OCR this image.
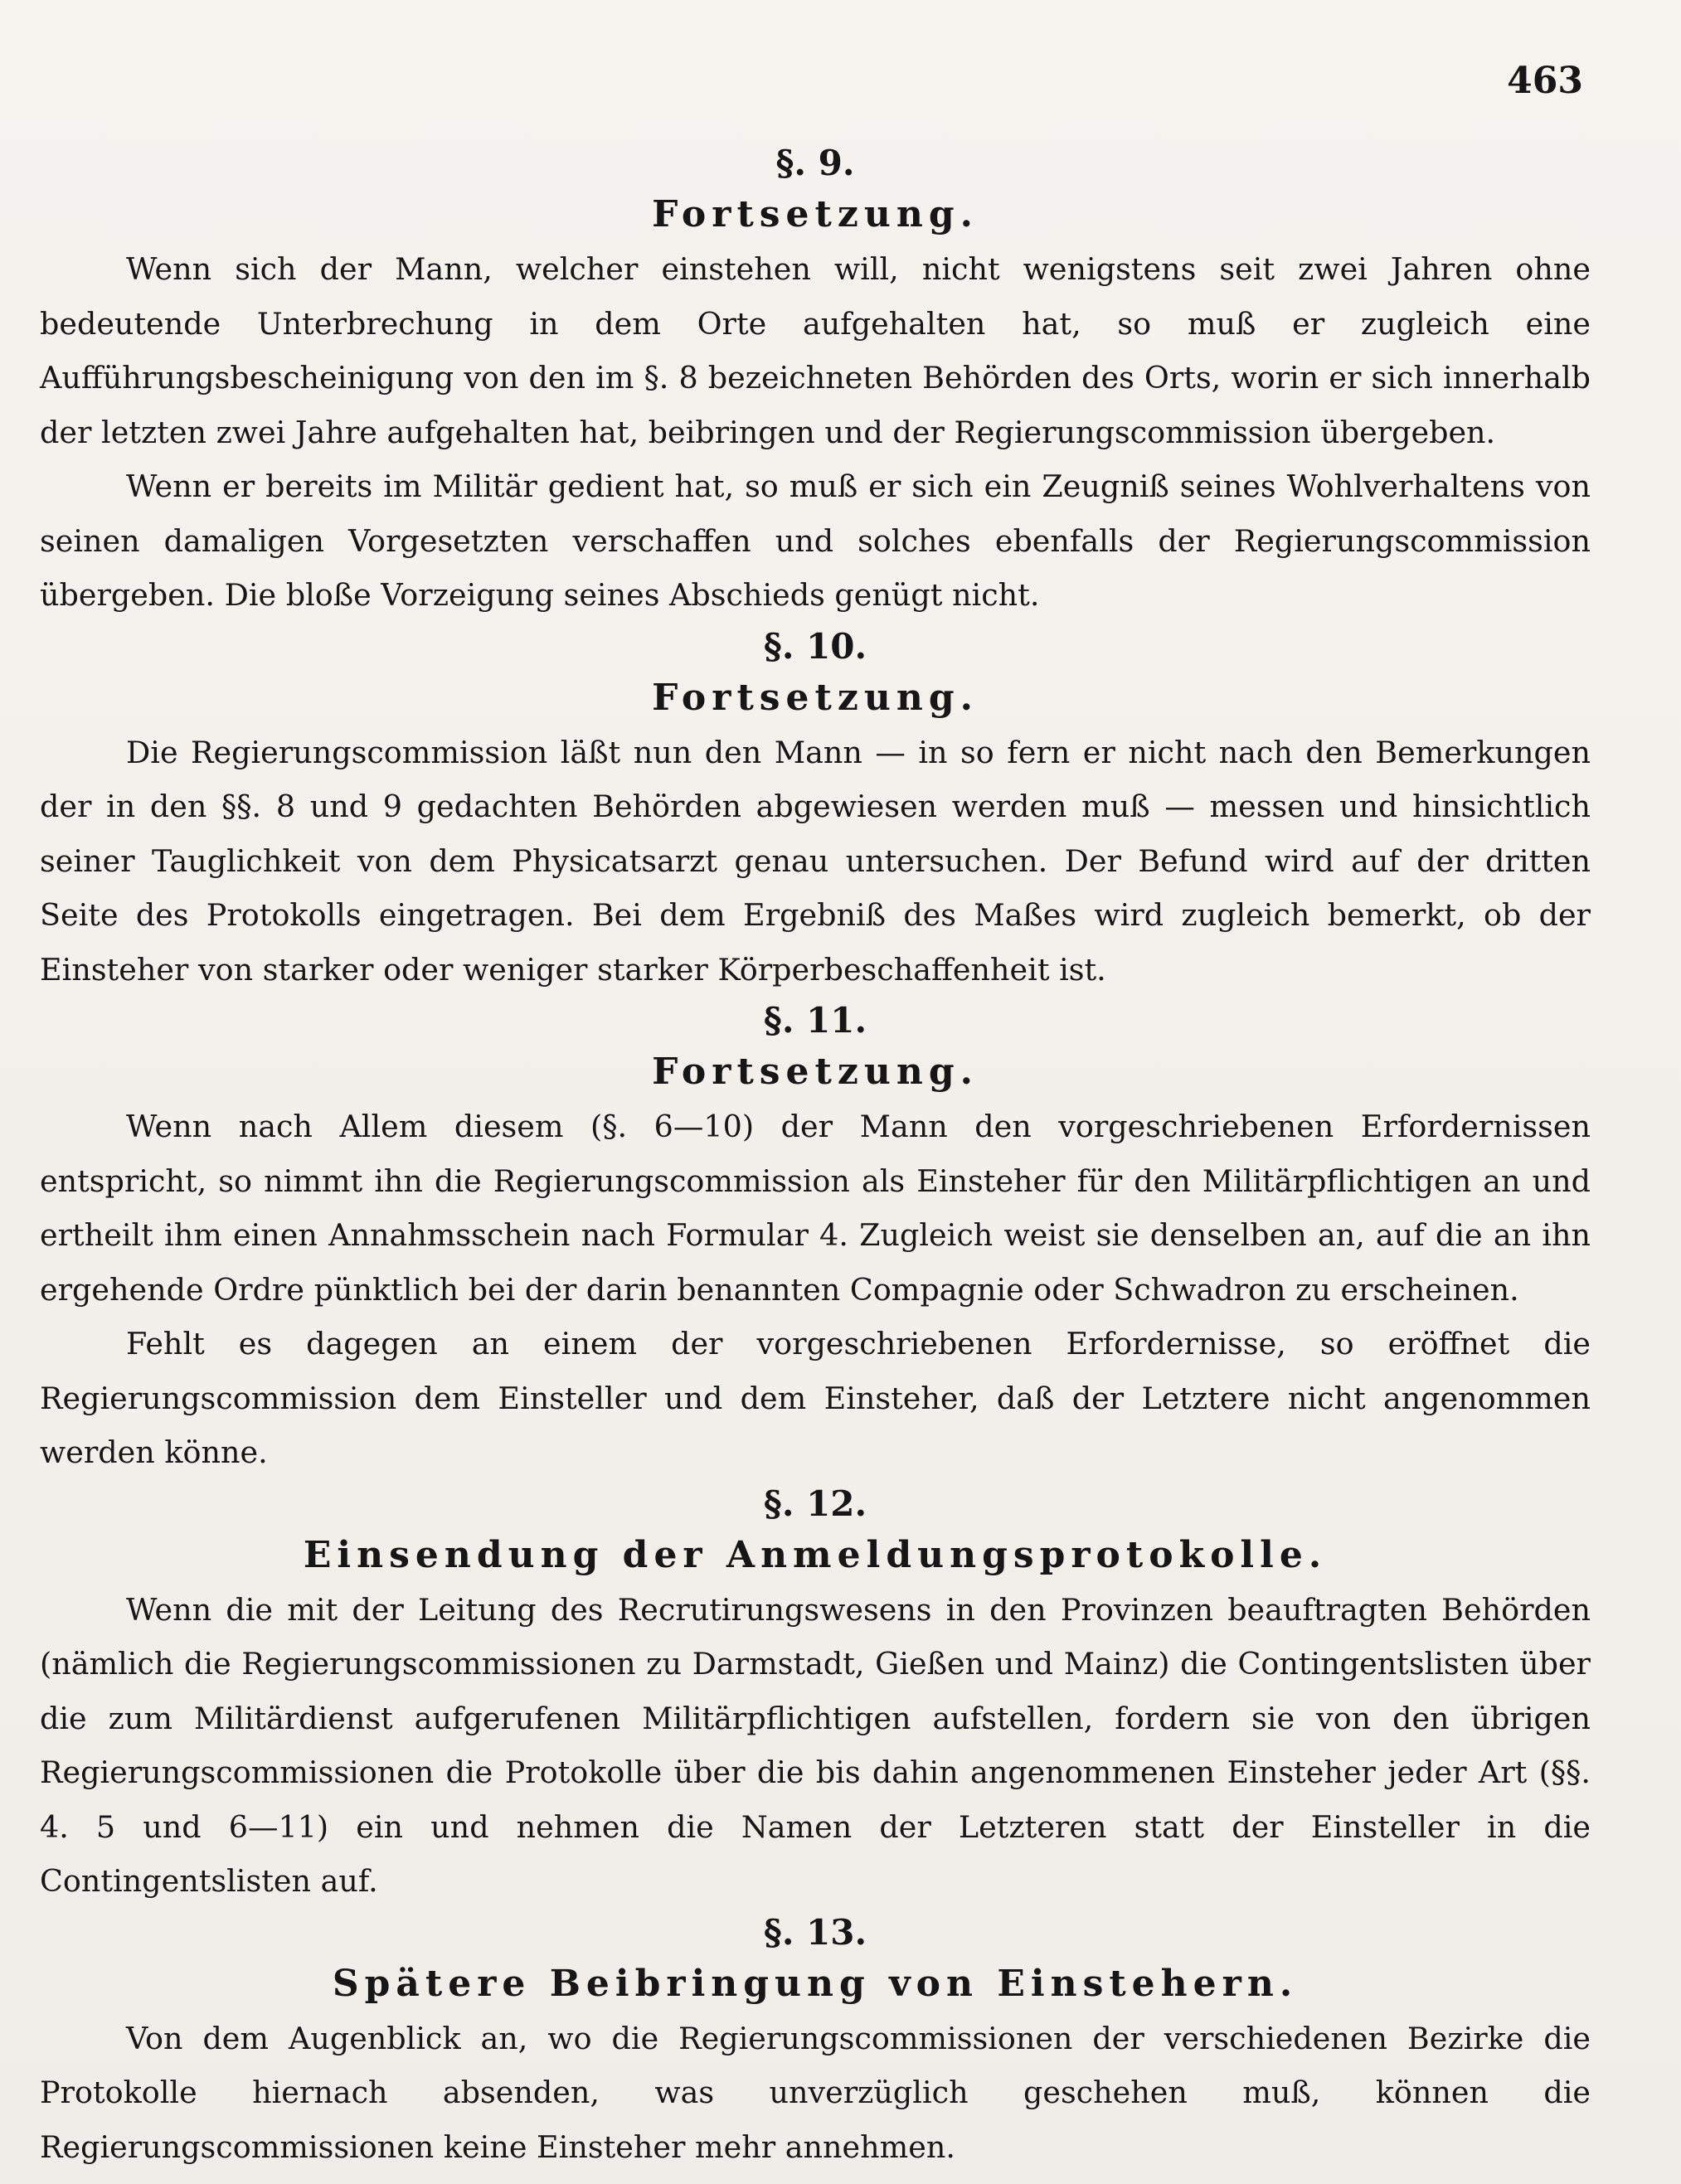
463
§. 9.
Fortsetzung.

Wenn sich der Mann, welcher einstehen will, nicht wenigstens seit zwei Jahren ohne bedeutende Unterbrechung in dem Orte aufgehalten hat, so muß er zugleich eine Aufführungsbescheinigung von den im §. 8 bezeichneten Behörden des Orts, worin er sich innerhalb der letzten zwei Jahre aufgehalten hat, beibringen und der Regierungscommission übergeben.

Wenn er bereits im Militär gedient hat, so muß er sich ein Zeugniß seines Wohlverhaltens von seinen damaligen Vorgesetzten verschaffen und solches ebenfalls der Regierungscommission übergeben. Die bloße Vorzeigung seines Abschieds genügt nicht.

§. 10.
Fortsetzung.

Die Regierungscommission läßt nun den Mann — in so fern er nicht nach den Bemerkungen der in den §§. 8 und 9 gedachten Behörden abgewiesen werden muß — messen und hinsichtlich seiner Tauglichkeit von dem Physicatsarzt genau untersuchen. Der Befund wird auf der dritten Seite des Protokolls eingetragen. Bei dem Ergebniß des Maßes wird zugleich bemerkt, ob der Einsteher von starker oder weniger starker Körperbeschaffenheit ist.

§. 11.
Fortsetzung.

Wenn nach Allem diesem (§. 6—10) der Mann den vorgeschriebenen Erfordernissen entspricht, so nimmt ihn die Regierungscommission als Einsteher für den Militärpflichtigen an und ertheilt ihm einen Annahmsschein nach Formular 4. Zugleich weist sie denselben an, auf die an ihn ergehende Ordre pünktlich bei der darin benannten Compagnie oder Schwadron zu erscheinen.

Fehlt es dagegen an einem der vorgeschriebenen Erfordernisse, so eröffnet die Regierungscommission dem Einsteller und dem Einsteher, daß der Letztere nicht angenommen werden könne.

§. 12.
Einsendung der Anmeldungsprotokolle.

Wenn die mit der Leitung des Recrutirungswesens in den Provinzen beauftragten Behörden (nämlich die Regierungscommissionen zu Darmstadt, Gießen und Mainz) die Contingentslisten über die zum Militärdienst aufgerufenen Militärpflichtigen aufstellen, fordern sie von den übrigen Regierungscommissionen die Protokolle über die bis dahin angenommenen Einsteher jeder Art (§§. 4. 5 und 6—11) ein und nehmen die Namen der Letzteren statt der Einsteller in die Contingentslisten auf.

§. 13.
Spätere Beibringung von Einstehern.

Von dem Augenblick an, wo die Regierungscommissionen der verschiedenen Bezirke die Protokolle hiernach absenden, was unverzüglich geschehen muß, können die Regierungscommissionen keine Einsteher mehr annehmen.
